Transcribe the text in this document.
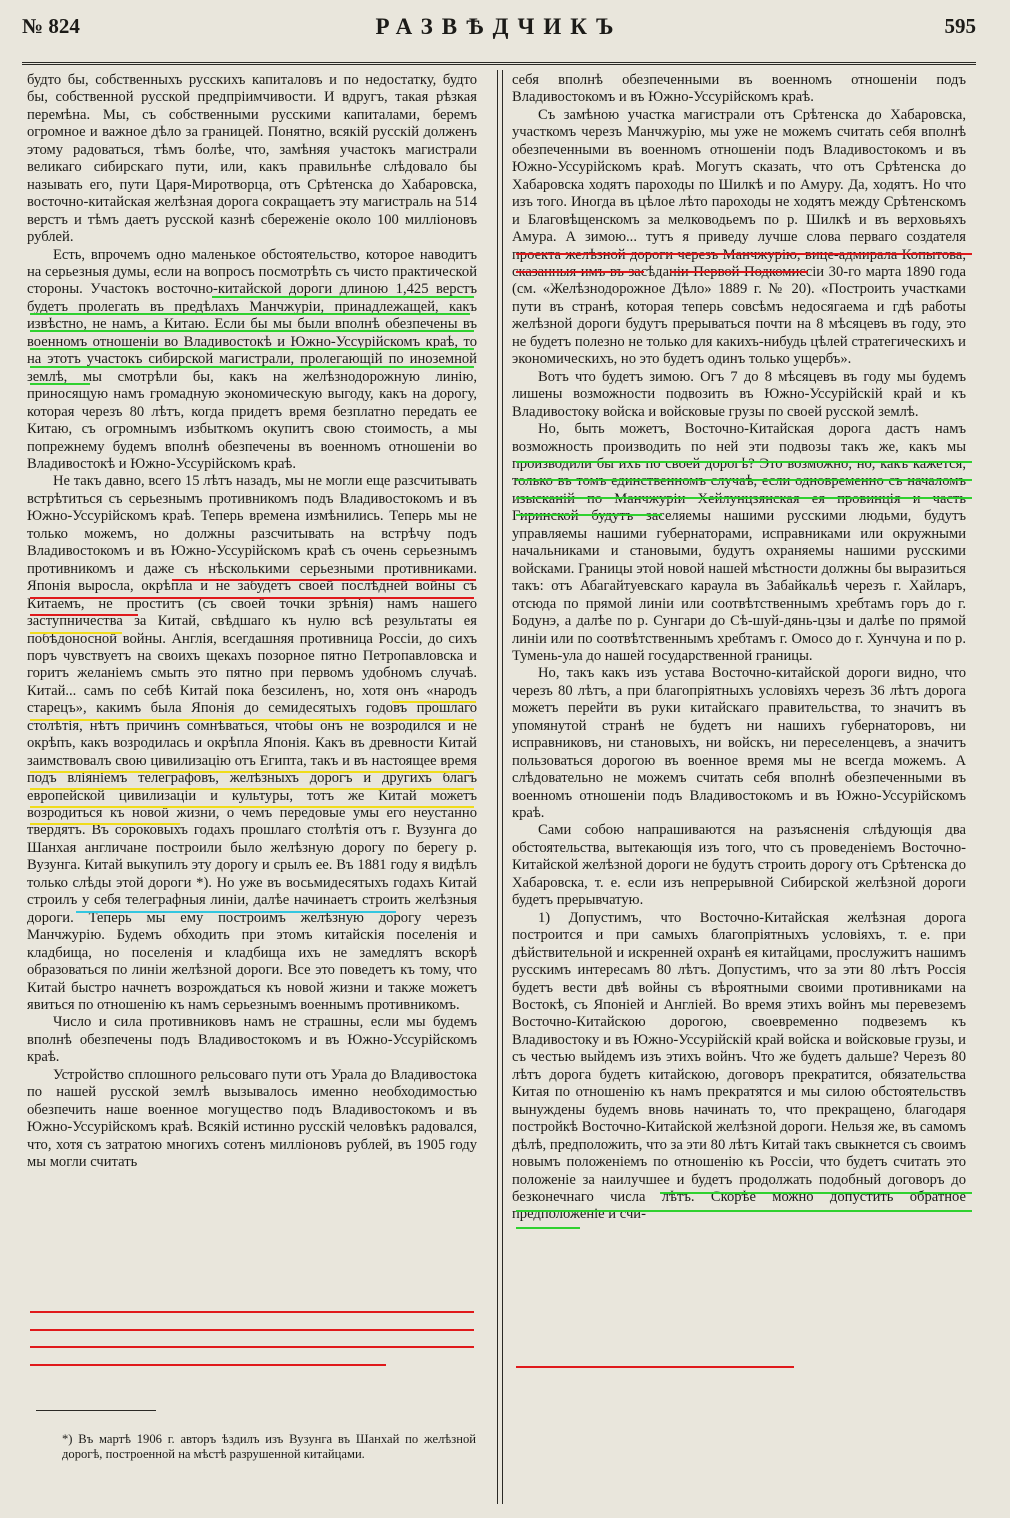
№ 824	РАЗВѢДЧИКЪ	595

будто бы, собственныхъ русскихъ капиталовъ и по недостатку, будто бы, собственной русской предпріимчивости. И вдругъ, такая рѣзкая перемѣна. Мы, съ собственными русскими капиталами, беремъ огромное и важное дѣло за границей. Понятно, всякій русскій долженъ этому радоваться, тѣмъ болѣе, что, замѣняя участокъ магистрали великаго сибирскаго пути, или, какъ правильнѣе слѣдовало бы называть его, пути Царя-Миротворца, отъ Срѣтенска до Хабаровска, восточно-китайская желѣзная дорога сокращаетъ эту магистраль на 514 верстъ и тѣмъ даетъ русской казнѣ сбереженіе около 100 милліоновъ рублей.

Есть, впрочемъ одно маленькое обстоятельство, которое наводитъ на серьезныя думы, если на вопросъ посмотрѣть съ чисто практической стороны. Участокъ восточно-китайской дороги длиною 1,425 верстъ будетъ пролегать въ предѣлахъ Манчжуріи, принадлежащей, какъ извѣстно, не намъ, а Китаю. Если бы мы были вполнѣ обезпечены въ военномъ отношеніи во Владивостокѣ и Южно-Уссурійскомъ краѣ, то на этотъ участокъ сибирской магистрали, пролегающій по иноземной землѣ, мы смотрѣли бы, какъ на желѣзнодорожную линію, приносящую намъ громадную экономическую выгоду, какъ на дорогу, которая черезъ 80 лѣтъ, когда придетъ время безплатно передать ее Китаю, съ огромнымъ избыткомъ окупитъ свою стоимость, а мы попрежнему будемъ вполнѣ обезпечены въ военномъ отношеніи во Владивостокѣ и Южно-Уссурійскомъ краѣ.

Не такъ давно, всего 15 лѣтъ назадъ, мы не могли еще разсчитывать встрѣтиться съ серьезнымъ противникомъ подъ Владивостокомъ и въ Южно-Уссурійскомъ краѣ. Теперь времена измѣнились. Теперь мы не только можемъ, но должны разсчитывать на встрѣчу подъ Владивостокомъ и въ Южно-Уссурійскомъ краѣ съ очень серьезнымъ противникомъ и даже съ нѣсколькими серьезными противниками. Японія выросла, окрѣпла и не забудетъ своей послѣдней войны съ Китаемъ, не проститъ (съ своей точки зрѣнія) намъ нашего заступничества за Китай, свѣдшаго къ нулю всѣ результаты ея побѣдоносной войны. Англія, всегдашняя противница Россіи, до сихъ поръ чувствуетъ на своихъ щекахъ позорное пятно Петропавловска и горитъ желаніемъ смыть это пятно при первомъ удобномъ случаѣ. Китай... самъ по себѣ Китай пока безсиленъ, но, хотя онъ «народъ старецъ», какимъ была Японія до семидесятыхъ годовъ прошлаго столѣтія, нѣтъ причинъ сомнѣваться, чтобы онъ не возродился и не окрѣпъ, какъ возродилась и окрѣпла Японія. Какъ въ древности Китай заимствовалъ свою цивилизацію отъ Египта, такъ и въ настоящее время подъ вліяніемъ телеграфовъ, желѣзныхъ дорогъ и другихъ благъ европейской цивилизаціи и культуры, тотъ же Китай можетъ возродиться къ новой жизни, о чемъ передовые умы его неустанно твердятъ. Въ сороковыхъ годахъ прошлаго столѣтія отъ г. Вузунга до Шанхая англичане построили было желѣзную дорогу по берегу р. Вузунга. Китай выкупилъ эту дорогу и срылъ ее. Въ 1881 году я видѣлъ только слѣды этой дороги *). Но уже въ восьмидесятыхъ годахъ Китай строилъ у себя телеграфныя линіи, далѣе начинаетъ строить желѣзныя дороги. Теперь мы ему построимъ желѣзную дорогу черезъ Манчжурію. Будемъ обходить при этомъ китайскія поселенія и кладбища, но поселенія и кладбища ихъ не замедлятъ вскорѣ образоваться по линіи желѣзной дороги. Все это поведетъ къ тому, что Китай быстро начнетъ возрождаться къ новой жизни и также можетъ явиться по отношенію къ намъ серьезнымъ военнымъ противникомъ.

Число и сила противниковъ намъ не страшны, если мы будемъ вполнѣ обезпечены подъ Владивостокомъ и въ Южно-Уссурійскомъ краѣ.

Устройство сплошного рельсоваго пути отъ Урала до Владивостока по нашей русской землѣ вызывалось именно необходимостью обезпечить наше военное могущество подъ Владивостокомъ и въ Южно-Уссурійскомъ краѣ. Всякій истинно русскій человѣкъ радовался, что, хотя съ затратою многихъ сотенъ милліоновъ рублей, въ 1905 году мы могли считать

себя вполнѣ обезпеченными въ военномъ отношеніи подъ Владивостокомъ и въ Южно-Уссурійскомъ краѣ.

Съ замѣною участка магистрали отъ Срѣтенска до Хабаровска, участкомъ черезъ Манчжурію, мы уже не можемъ считать себя вполнѣ обезпеченными въ военномъ отношеніи подъ Владивостокомъ и въ Южно-Уссурійскомъ краѣ. Могутъ сказать, что отъ Срѣтенска до Хабаровска ходятъ пароходы по Шилкѣ и по Амуру. Да, ходятъ. Но что изъ того. Иногда въ цѣлое лѣто пароходы не ходятъ между Срѣтенскомъ и Благовѣщенскомъ за мелководьемъ по р. Шилкѣ и въ верховьяхъ Амура. А зимою... тутъ я приведу лучше слова перваго создателя проекта желѣзной дороги черезъ Манчжурію, вице-адмирала Копытова, сказанныя имъ въ засѣданіи Первой Подкомиссіи 30-го марта 1890 года (см. «Желѣзнодорожное Дѣло» 1889 г. № 20). «Построить участками пути въ странѣ, которая теперь совсѣмъ недосягаема и гдѣ работы желѣзной дороги будутъ прерываться почти на 8 мѣсяцевъ въ году, это не будетъ полезно не только для какихъ-нибудь цѣлей стратегическихъ и экономическихъ, но это будетъ одинъ только ущербъ».

Вотъ что будетъ зимою. Огъ 7 до 8 мѣсяцевъ въ году мы будемъ лишены возможности подвозить въ Южно-Уссурійскій край и къ Владивостоку войска и войсковые грузы по своей русской землѣ.

Но, быть можетъ, Восточно-Китайская дорога дастъ намъ возможность производить по ней эти подвозы такъ же, какъ мы производили бы ихъ по своей дорогѣ? Это возможно, но, какъ кажется, только въ томъ единственномъ случаѣ, если одновременно съ началомъ изысканій по Манчжуріи Хейлунцзянская ея провинція и часть Гиринской будутъ заселяемы нашими русскими людьми, будутъ управляемы нашими губернаторами, исправниками или окружными начальниками и становыми, будутъ охраняемы нашими русскими войсками. Границы этой новой нашей мѣстности должны бы выразиться такъ: отъ Абагайтуевскаго караула въ Забайкальѣ черезъ г. Хайларъ, отсюда по прямой линіи или соотвѣтственнымъ хребтамъ горъ до г. Бодунэ, а далѣе по р. Сунгари до Сѣ-шуй-дянь-цзы и далѣе по прямой линіи или по соотвѣтственнымъ хребтамъ г. Омосо до г. Хунчуна и по р. Тумень-ула до нашей государственной границы.

Но, такъ какъ изъ устава Восточно-китайской дороги видно, что черезъ 80 лѣтъ, а при благопріятныхъ условіяхъ черезъ 36 лѣтъ дорога можетъ перейти въ руки китайскаго правительства, то значитъ въ упомянутой странѣ не будетъ ни нашихъ губернаторовъ, ни исправниковъ, ни становыхъ, ни войскъ, ни переселенцевъ, а значитъ пользоваться дорогою въ военное время мы не всегда можемъ. А слѣдовательно не можемъ считать себя вполнѣ обезпеченными въ военномъ отношеніи подъ Владивостокомъ и въ Южно-Уссурійскомъ краѣ.

Сами собою напрашиваются на разъясненія слѣдующія два обстоятельства, вытекающія изъ того, что съ проведеніемъ Восточно-Китайской желѣзной дороги не будутъ строить дорогу отъ Срѣтенска до Хабаровска, т. е. если изъ непрерывной Сибирской желѣзной дороги будетъ прерывчатую.

1) Допустимъ, что Восточно-Китайская желѣзная дорога построится и при самыхъ благопріятныхъ условіяхъ, т. е. при дѣйствительной и искренней охранѣ ея китайцами, прослужитъ нашимъ русскимъ интересамъ 80 лѣтъ. Допустимъ, что за эти 80 лѣтъ Россія будетъ вести двѣ войны съ вѣроятными своими противниками на Востокѣ, съ Японіей и Англіей. Во время этихъ войнъ мы перевеземъ Восточно-Китайскою дорогою, своевременно подвеземъ къ Владивостоку и въ Южно-Уссурійскій край войска и войсковые грузы, и съ честью выйдемъ изъ этихъ войнъ. Что же будетъ дальше? Черезъ 80 лѣтъ дорога будетъ китайскою, договоръ прекратится, обязательства Китая по отношенію къ намъ прекратятся и мы силою обстоятельствъ вынуждены будемъ вновь начинать то, что прекращено, благодаря постройкѣ Восточно-Китайской желѣзной дороги. Нельзя же, въ самомъ дѣлѣ, предположить, что за эти 80 лѣтъ Китай такъ свыкнется съ своимъ новымъ положеніемъ по отношенію къ Россіи, что будетъ считать это положеніе за наилучшее и будетъ продолжать подобный договоръ до безконечнаго числа лѣтъ. Скорѣе можно допустить обратное предположеніе и счи-

*) Въ мартѣ 1906 г. авторъ ѣздилъ изъ Вузунга въ Шанхай по желѣзной дорогѣ, построенной на мѣстѣ разрушенной китайцами.
